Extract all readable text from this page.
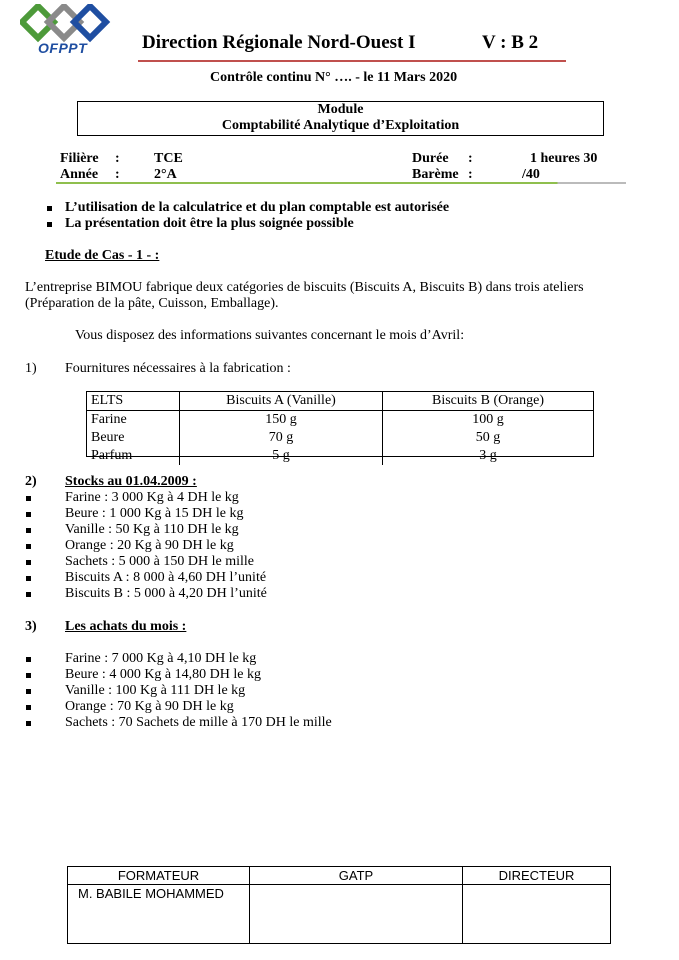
OFPPT	Direction Régionale Nord-Ouest I	V : B 2
Contrôle continu N° …. - le 11 Mars 2020
Module
Comptabilité Analytique d’Exploitation
Filière : TCE	Durée :	1 heures 30
Année : 2°A	Barème :	/40
L’utilisation de la calculatrice et du plan comptable est autorisée
La présentation doit être la plus soignée possible
Etude de Cas - 1 - :
L’entreprise BIMOU fabrique deux catégories de biscuits (Biscuits A, Biscuits B) dans trois ateliers
(Préparation de la pâte, Cuisson, Emballage).
Vous disposez des informations suivantes concernant le mois d’Avril:
1) Fournitures nécessaires à la fabrication :
ELTS	Biscuits A (Vanille)	Biscuits B (Orange)
Farine	150 g	100 g
Beure	70 g	50 g
Parfum	5 g	3 g
2) Stocks au 01.04.2009 :
Farine : 3 000 Kg à 4 DH le kg
Beure : 1 000 Kg à 15 DH le kg
Vanille : 50 Kg à 110 DH le kg
Orange : 20 Kg à 90 DH le kg
Sachets : 5 000 à 150 DH le mille
Biscuits A : 8 000 à 4,60 DH l’unité
Biscuits B : 5 000 à 4,20 DH l’unité
3) Les achats du mois :
Farine : 7 000 Kg à 4,10 DH le kg
Beure : 4 000 Kg à 14,80 DH le kg
Vanille : 100 Kg à 111 DH le kg
Orange : 70 Kg à 90 DH le kg
Sachets : 70 Sachets de mille à 170 DH le mille
FORMATEUR	GATP	DIRECTEUR
M. BABILE MOHAMMED		
